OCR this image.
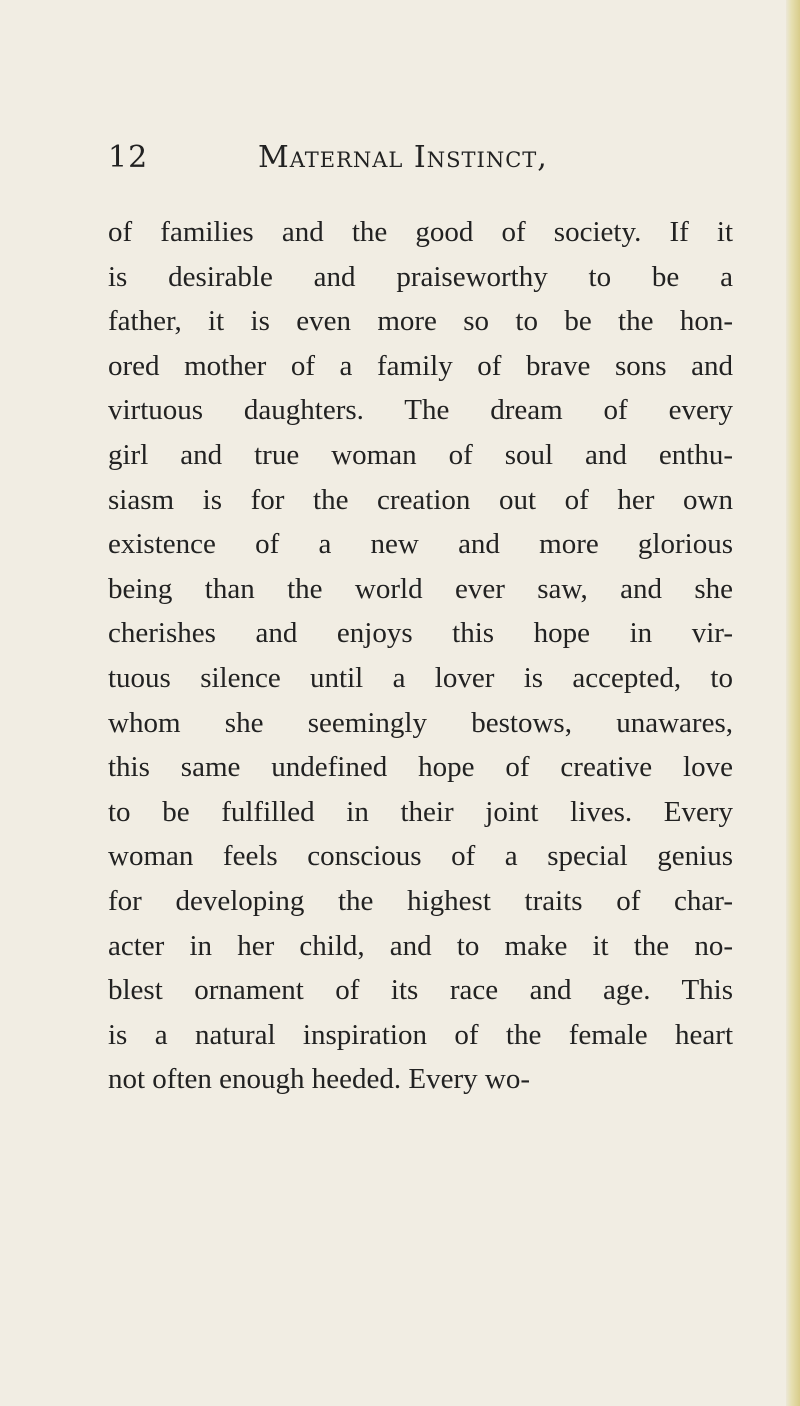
12	Maternal Instinct,
of families and the good of society. If it
is desirable and praiseworthy to be a
father, it is even more so to be the hon-
ored mother of a family of brave sons and
virtuous daughters. The dream of every
girl and true woman of soul and enthu-
siasm is for the creation out of her own
existence of a new and more glorious
being than the world ever saw, and she
cherishes and enjoys this hope in vir-
tuous silence until a lover is accepted, to
whom she seemingly bestows, unawares,
this same undefined hope of creative love
to be fulfilled in their joint lives. Every
woman feels conscious of a special genius
for developing the highest traits of char-
acter in her child, and to make it the no-
blest ornament of its race and age. This
is a natural inspiration of the female heart
not often enough heeded. Every wo-
